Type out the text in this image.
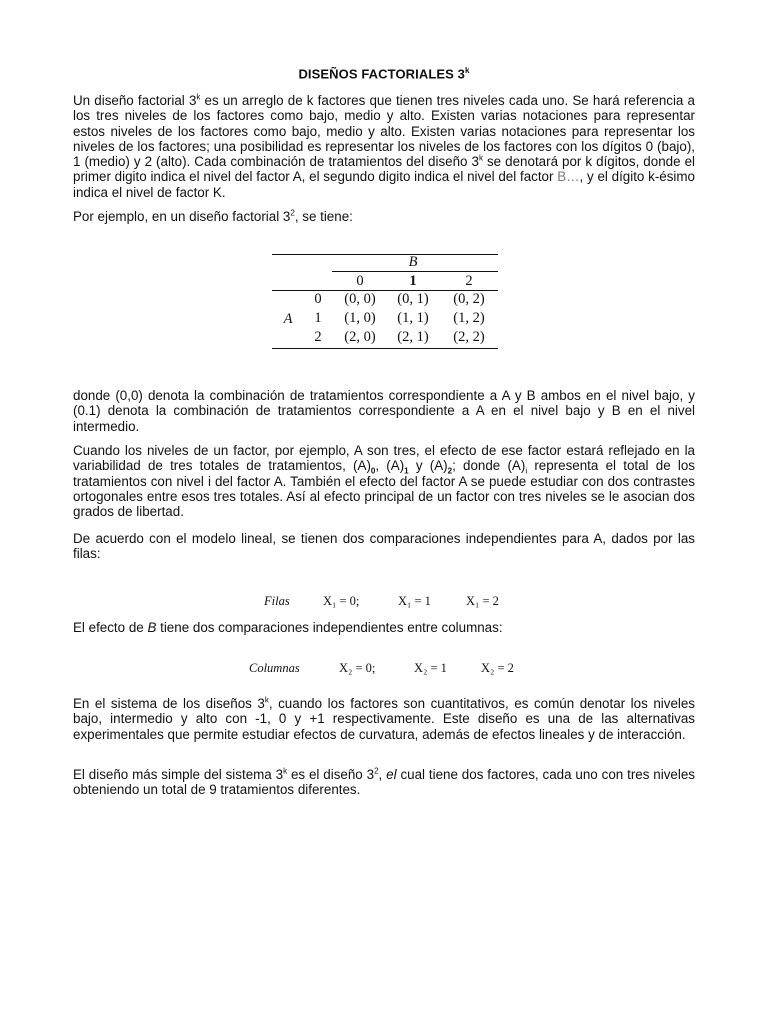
DISEÑOS FACTORIALES 3$^k$
Un diseño factorial 3$^k$ es un arreglo de k factores que tienen tres niveles cada uno. Se hará referencia a los tres niveles de los factores como bajo, medio y alto. Existen varias notaciones para representar estos niveles de los factores como bajo, medio y alto. Existen varias notaciones para representar los niveles de los factores; una posibilidad es representar los niveles de los factores con los dígitos 0 (bajo), 1 (medio) y 2 (alto). Cada combinación de tratamientos del diseño 3$^k$ se denotará por k dígitos, donde el primer digito indica el nivel del factor A, el segundo digito indica el nivel del factor B…, y el dígito k-ésimo indica el nivel de factor K.
Por ejemplo, en un diseño factorial $3^2$, se tiene:
B
0	1	2
A
0 (0, 0) (0, 1) (0, 2)
1 (1, 0) (1, 1) (1, 2)
2 (2, 0) (2, 1) (2, 2)
donde (0,0) denota la combinación de tratamientos correspondiente a A y B ambos en el nivel bajo, y (0.1) denota la combinación de tratamientos correspondiente a A en el nivel bajo y B en el nivel intermedio.
Cuando los niveles de un factor, por ejemplo, A son tres, el efecto de ese factor estará reflejado en la variabilidad de tres totales de tratamientos, $(A)_0$, $(A)_1$ y $(A)_2$; donde $(A)_i$ representa el total de los tratamientos con nivel i del factor A. También el efecto del factor A se puede estudiar con dos contrastes ortogonales entre esos tres totales. Así al efecto principal de un factor con tres niveles se le asocian dos grados de libertad.
De acuerdo con el modelo lineal, se tienen dos comparaciones independientes para A, dados por las filas:
Filas	X₁ = 0;	X₁ = 1	X₁ = 2
El efecto de B tiene dos comparaciones independientes entre columnas:
Columnas	X₂ = 0;	X₂ = 1	X₂ = 2
En el sistema de los diseños 3$^k$, cuando los factores son cuantitativos, es común denotar los niveles bajo, intermedio y alto con -1, 0 y +1 respectivamente. Este diseño es una de las alternativas experimentales que permite estudiar efectos de curvatura, además de efectos lineales y de interacción.
El diseño más simple del sistema 3$^k$ es el diseño $3^2$, el cual tiene dos factores, cada uno con tres niveles obteniendo un total de 9 tratamientos diferentes.
